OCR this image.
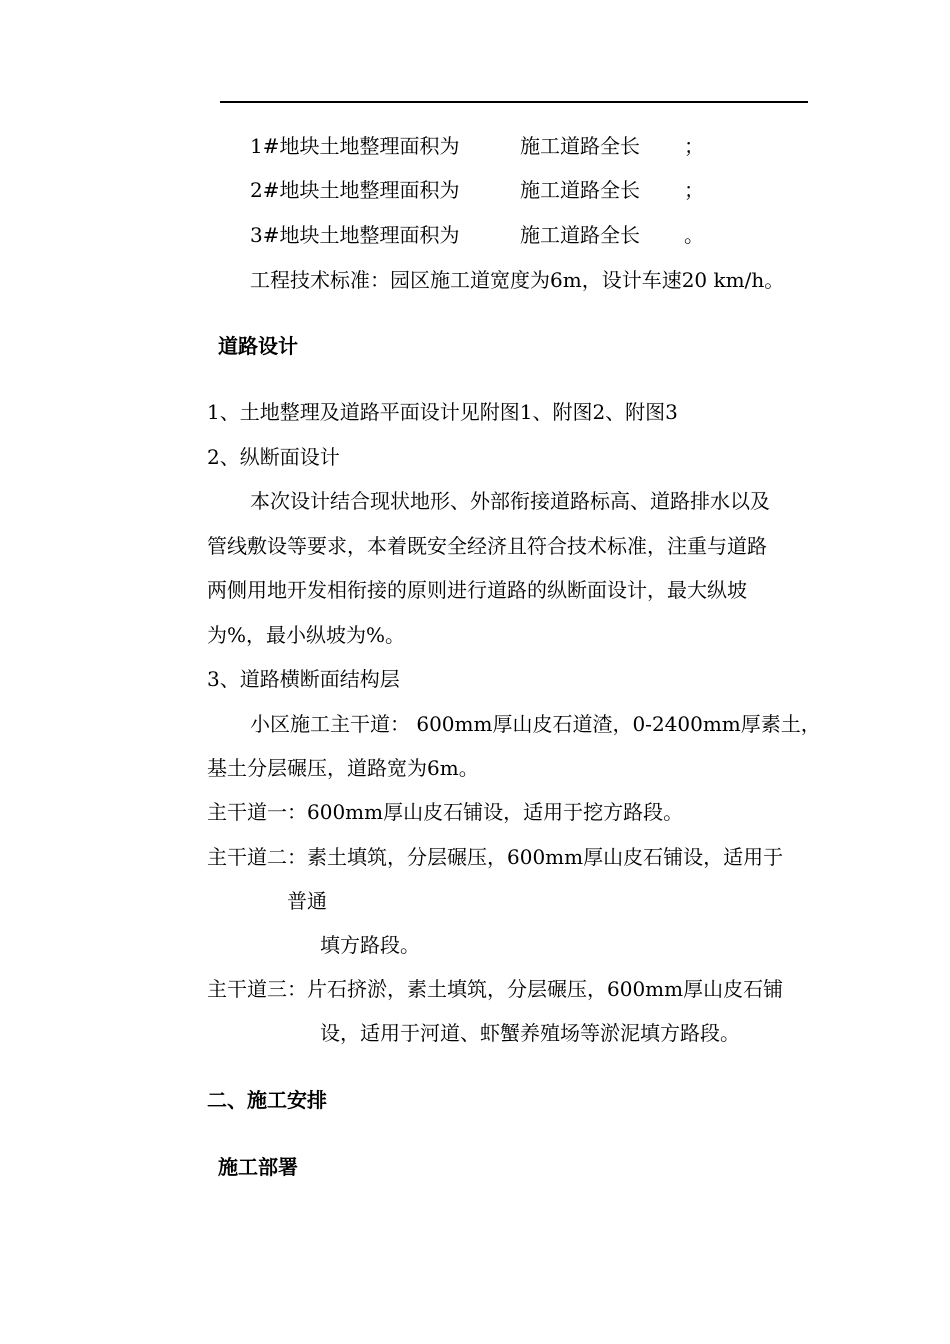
1#地块土地整理面积为	施工道路全长 ；
2#地块土地整理面积为	施工道路全长 ；
3#地块土地整理面积为	施工道路全长 。
工程技术标准：园区施工道宽度为6m，设计车速20 km/h。
道路设计
1、土地整理及道路平面设计见附图1、附图2、附图3
2、纵断面设计
本次设计结合现状地形、外部衔接道路标高、道路排水以及
管线敷设等要求，本着既安全经济且符合技术标准，注重与道路
两侧用地开发相衔接的原则进行道路的纵断面设计，最大纵坡
为%，最小纵坡为%。
3、道路横断面结构层
小区施工主干道： 600mm厚山皮石道渣，0-2400mm厚素土，
基土分层碾压，道路宽为6m。
主干道一：600mm厚山皮石铺设，适用于挖方路段。
主干道二：素土填筑，分层碾压，600mm厚山皮石铺设，适用于
普通
填方路段。
主干道三：片石挤淤，素土填筑，分层碾压，600mm厚山皮石铺
设，适用于河道、虾蟹养殖场等淤泥填方路段。
二、施工安排
施工部署
